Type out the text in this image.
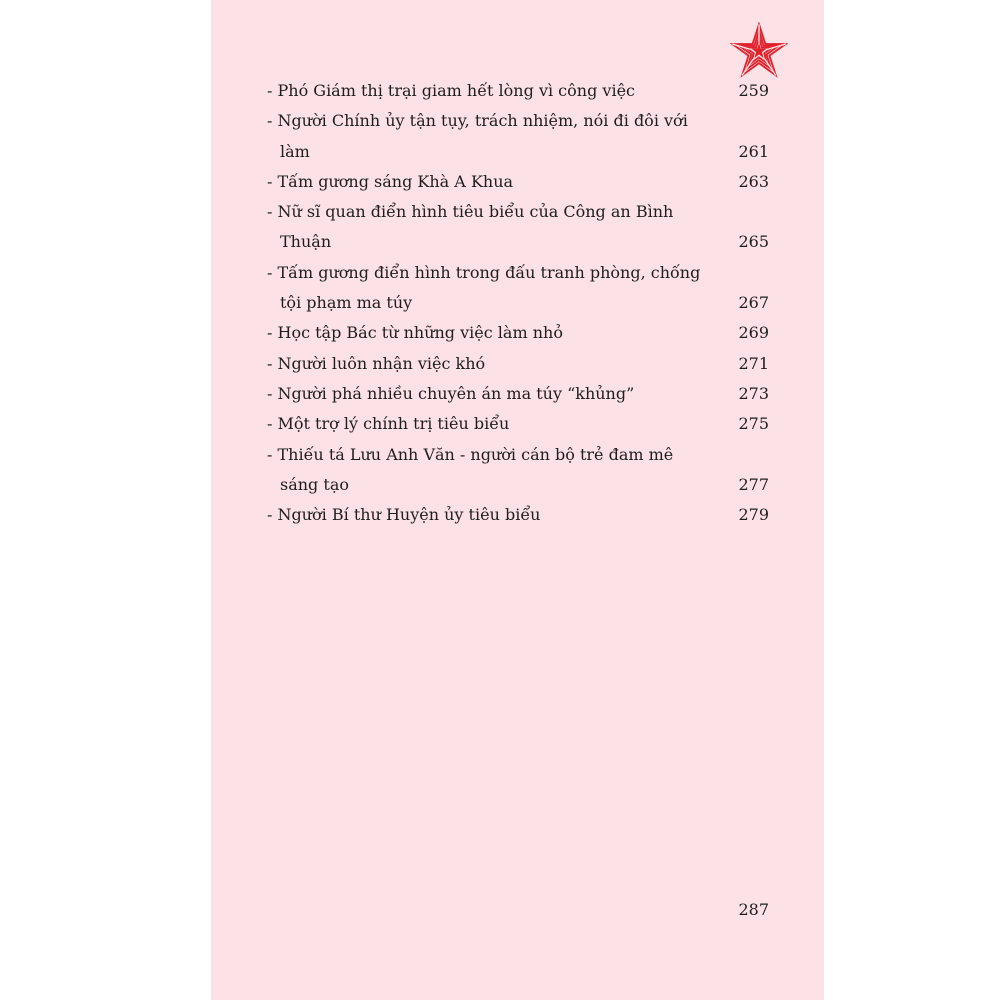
- Phó Giám thị trại giam hết lòng vì công việc	259
- Người Chính ủy tận tụy, trách nhiệm, nói đi đôi với làm	261
- Tấm gương sáng Khà A Khua	263
- Nữ sĩ quan điển hình tiêu biểu của Công an Bình Thuận	265
- Tấm gương điển hình trong đấu tranh phòng, chống tội phạm ma túy	267
- Học tập Bác từ những việc làm nhỏ	269
- Người luôn nhận việc khó	271
- Người phá nhiều chuyên án ma túy “khủng”	273
- Một trợ lý chính trị tiêu biểu	275
- Thiếu tá Lưu Anh Văn - người cán bộ trẻ đam mê sáng tạo	277
- Người Bí thư Huyện ủy tiêu biểu	279
287
